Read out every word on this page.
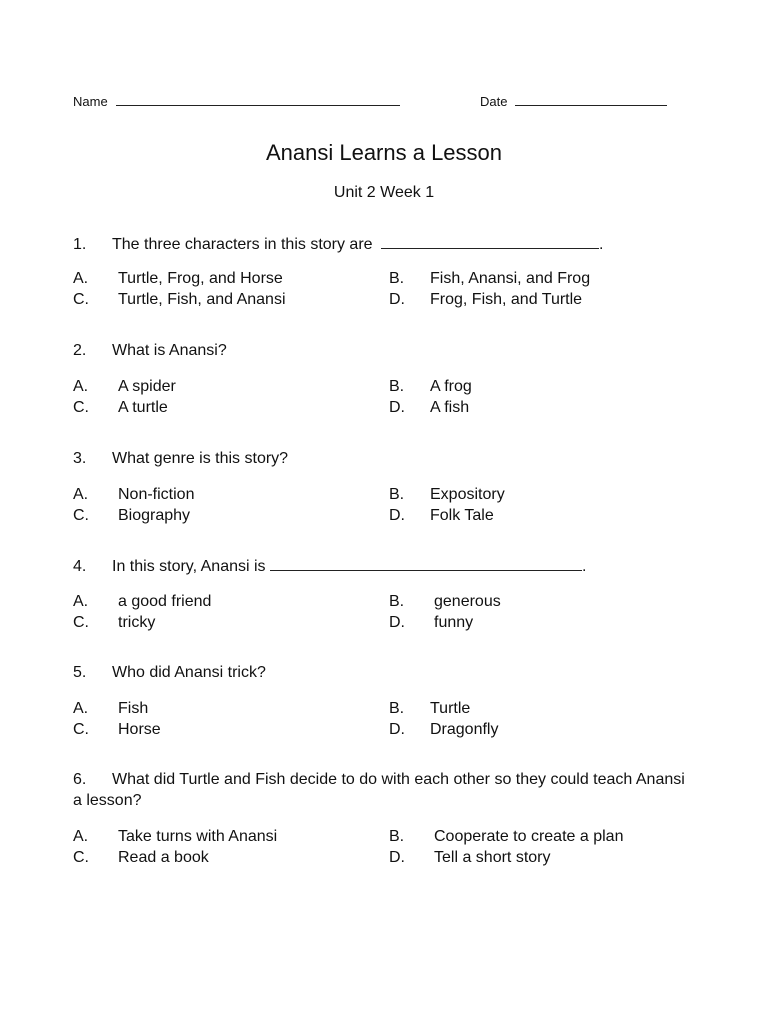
Name	Date
Anansi Learns a Lesson
Unit 2 Week 1
1. The three characters in this story are	.
A. Turtle, Frog, and Horse	B. Fish, Anansi, and Frog
C. Turtle, Fish, and Anansi	D. Frog, Fish, and Turtle
2. What is Anansi?
A. A spider	B. A frog
C. A turtle	D. A fish
3. What genre is this story?
A. Non-fiction	B. Expository
C. Biography	D. Folk Tale
4. In this story, Anansi is	.
A. a good friend	B. generous
C. tricky	D. funny
5. Who did Anansi trick?
A. Fish	B. Turtle
C. Horse	D. Dragonfly
6. What did Turtle and Fish decide to do with each other so they could teach Anansi a lesson?
A. Take turns with Anansi	B. Cooperate to create a plan
C. Read a book	D. Tell a short story
